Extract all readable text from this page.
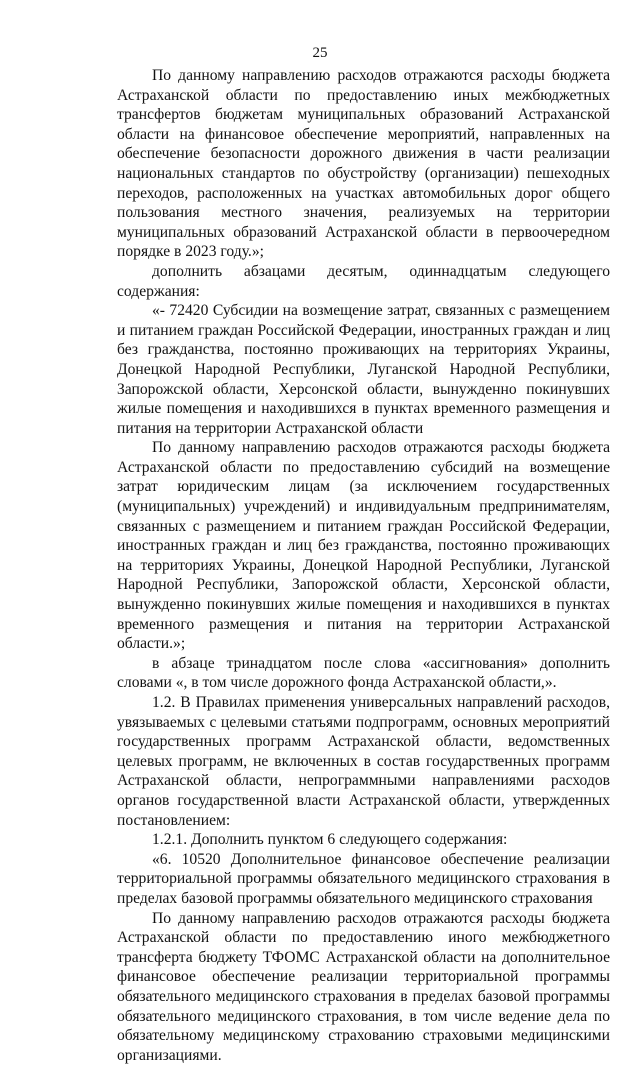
25

По данному направлению расходов отражаются расходы бюджета Астраханской области по предоставлению иных межбюджетных трансфертов бюджетам муниципальных образований Астраханской области на финансовое обеспечение мероприятий, направленных на обеспечение безопасности дорожного движения в части реализации национальных стандартов по обустройству (организации) пешеходных переходов, расположенных на участках автомобильных дорог общего пользования местного значения, реализуемых на территории муниципальных образований Астраханской области в первоочередном порядке в 2023 году.»;

дополнить абзацами десятым, одиннадцатым следующего содержания:

«- 72420 Субсидии на возмещение затрат, связанных с размещением и питанием граждан Российской Федерации, иностранных граждан и лиц без гражданства, постоянно проживающих на территориях Украины, Донецкой Народной Республики, Луганской Народной Республики, Запорожской области, Херсонской области, вынужденно покинувших жилые помещения и находившихся в пунктах временного размещения и питания на территории Астраханской области

По данному направлению расходов отражаются расходы бюджета Астраханской области по предоставлению субсидий на возмещение затрат юридическим лицам (за исключением государственных (муниципальных) учреждений) и индивидуальным предпринимателям, связанных с размещением и питанием граждан Российской Федерации, иностранных граждан и лиц без гражданства, постоянно проживающих на территориях Украины, Донецкой Народной Республики, Луганской Народной Республики, Запорожской области, Херсонской области, вынужденно покинувших жилые помещения и находившихся в пунктах временного размещения и питания на территории Астраханской области.»;

в абзаце тринадцатом после слова «ассигнования» дополнить словами «, в том числе дорожного фонда Астраханской области,».

1.2. В Правилах применения универсальных направлений расходов, увязываемых с целевыми статьями подпрограмм, основных мероприятий государственных программ Астраханской области, ведомственных целевых программ, не включенных в состав государственных программ Астраханской области, непрограммными направлениями расходов органов государственной власти Астраханской области, утвержденных постановлением:

1.2.1. Дополнить пунктом 6 следующего содержания:

«6. 10520 Дополнительное финансовое обеспечение реализации территориальной программы обязательного медицинского страхования в пределах базовой программы обязательного медицинского страхования

По данному направлению расходов отражаются расходы бюджета Астраханской области по предоставлению иного межбюджетного трансферта бюджету ТФОМС Астраханской области на дополнительное финансовое обеспечение реализации территориальной программы обязательного медицинского страхования в пределах базовой программы обязательного медицинского страхования, в том числе ведение дела по обязательному медицинскому страхованию страховыми медицинскими организациями.
